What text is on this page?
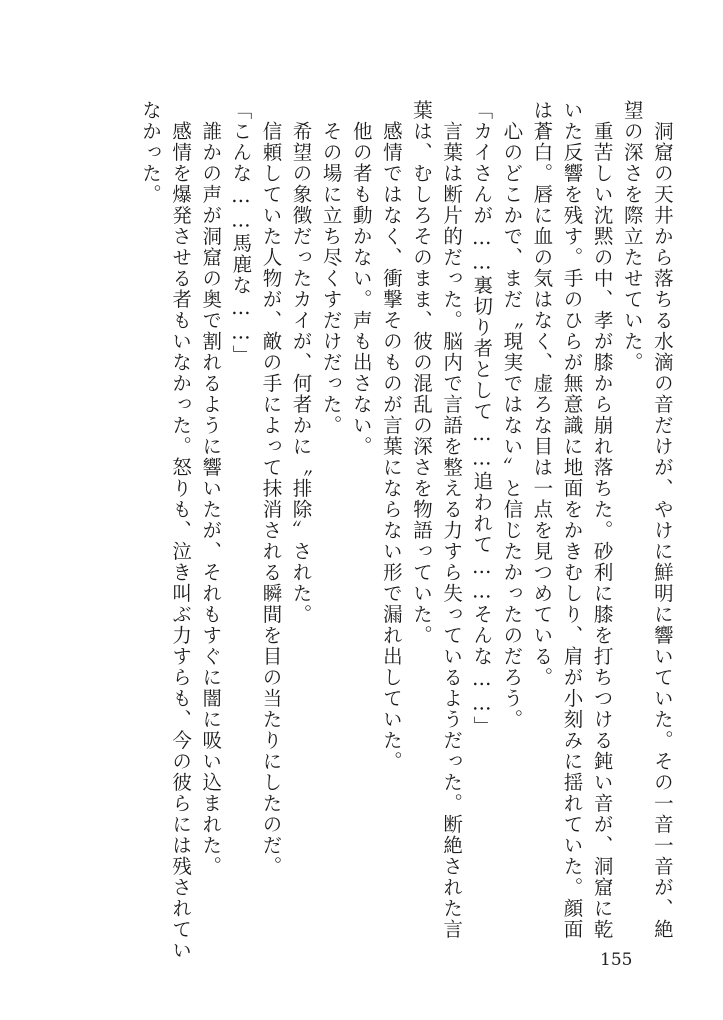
　洞窟の天井から落ちる水滴の音だけが、やけに鮮明に響いていた。その一音一音が、絶
望の深さを際立たせていた。
　重苦しい沈黙の中、孝が膝から崩れ落ちた。砂利に膝を打ちつける鈍い音が、洞窟に乾
いた反響を残す。手のひらが無意識に地面をかきむしり、肩が小刻みに揺れていた。顔面
は蒼白。唇に血の気はなく、虚ろな目は一点を見つめている。
　心のどこかで、まだ〝現実ではない〟と信じたかったのだろう。
「カイさんが……裏切り者として……追われて……そんな……」
　言葉は断片的だった。脳内で言語を整える力すら失っているようだった。断絶された言
葉は、むしろそのまま、彼の混乱の深さを物語っていた。
　感情ではなく、衝撃そのものが言葉にならない形で漏れ出していた。
　他の者も動かない。声も出さない。
　その場に立ち尽くすだけだった。
　希望の象徴だったカイが、何者かに〝排除〟された。
　信頼していた人物が、敵の手によって抹消される瞬間を目の当たりにしたのだ。
「こんな……馬鹿な……」
　誰かの声が洞窟の奥で割れるように響いたが、それもすぐに闇に吸い込まれた。
　感情を爆発させる者もいなかった。怒りも、泣き叫ぶ力すらも、今の彼らには残されてい
なかった。
155
